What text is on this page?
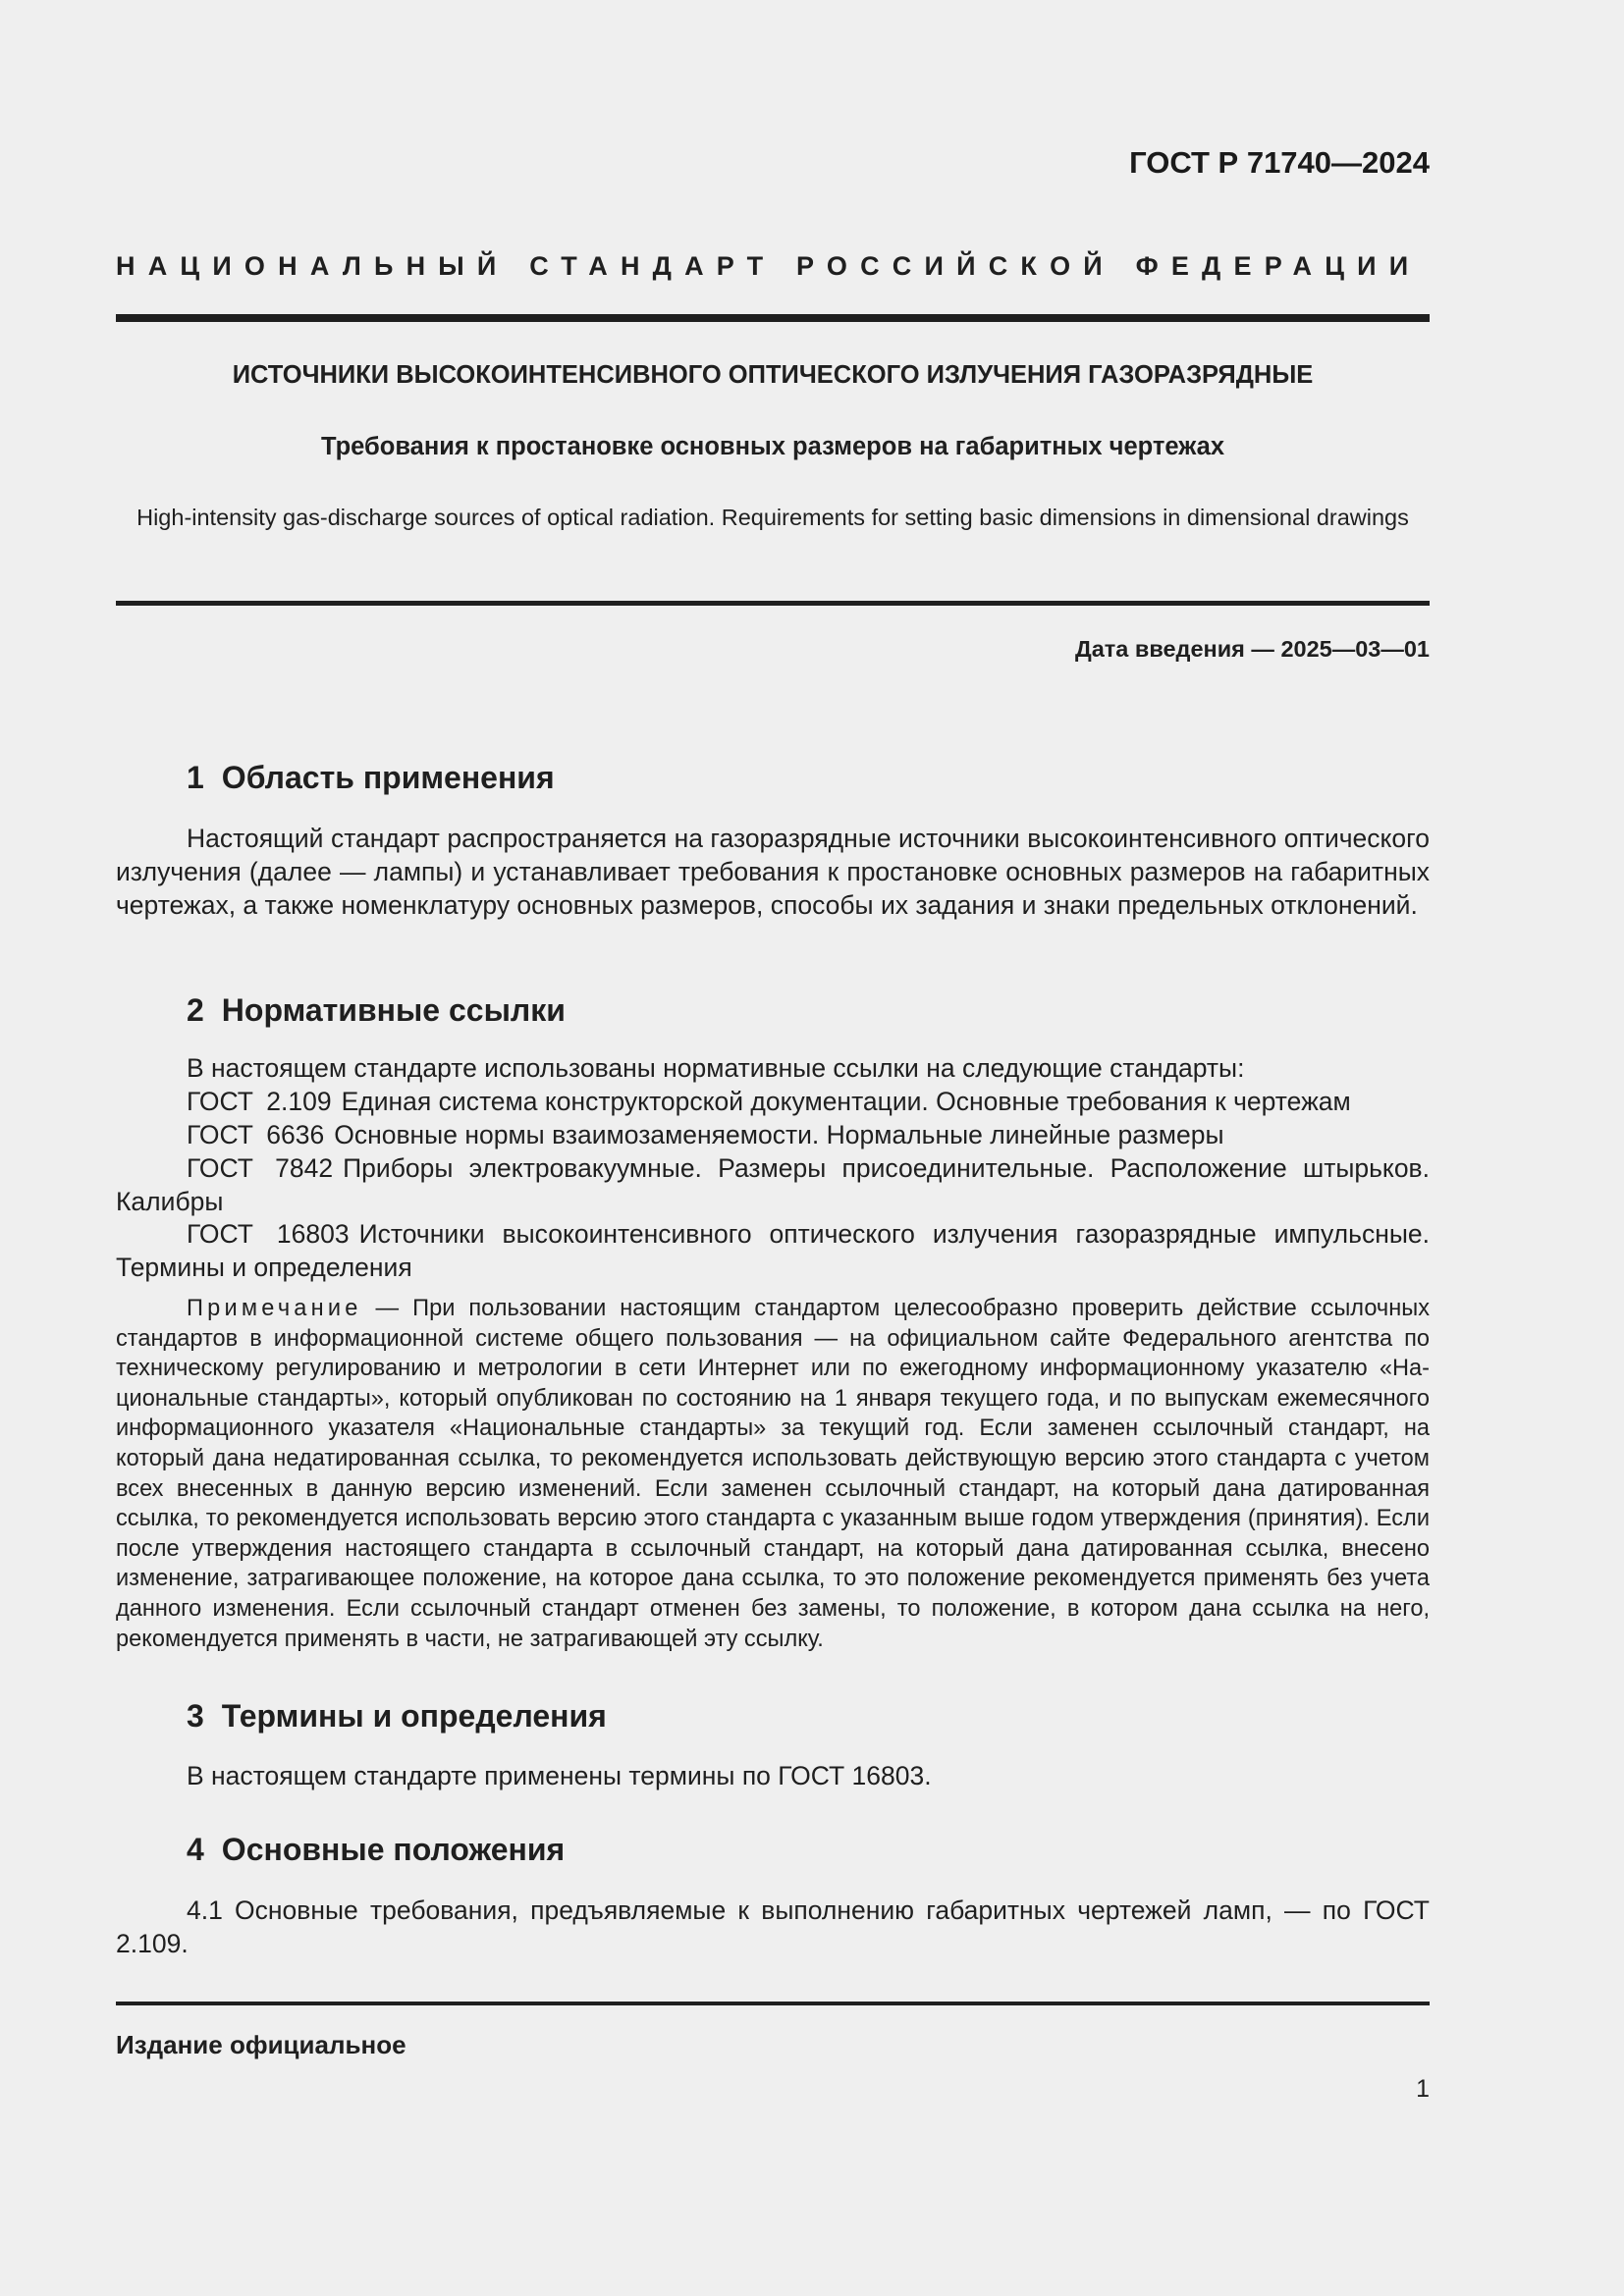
ГОСТ Р 71740—2024
НАЦИОНАЛЬНЫЙ СТАНДАРТ РОССИЙСКОЙ ФЕДЕРАЦИИ
ИСТОЧНИКИ ВЫСОКОИНТЕНСИВНОГО ОПТИЧЕСКОГО ИЗЛУЧЕНИЯ ГАЗОРАЗРЯДНЫЕ
Требования к простановке основных размеров на габаритных чертежах
High-intensity gas-discharge sources of optical radiation. Requirements for setting basic dimensions in dimensional drawings
Дата введения — 2025—03—01
1 Область применения
Настоящий стандарт распространяется на газоразрядные источники высокоинтенсивного оптического излучения (далее — лампы) и устанавливает требования к простановке основных размеров на габаритных чертежах, а также номенклатуру основных размеров, способы их задания и знаки предельных отклонений.
2 Нормативные ссылки
В настоящем стандарте использованы нормативные ссылки на следующие стандарты:
ГОСТ 2.109 Единая система конструкторской документации. Основные требования к чертежам
ГОСТ 6636 Основные нормы взаимозаменяемости. Нормальные линейные размеры
ГОСТ 7842 Приборы электровакуумные. Размеры присоединительные. Расположение штырьков. Калибры
ГОСТ 16803 Источники высокоинтенсивного оптического излучения газоразрядные импульсные. Термины и определения
Примечание — При пользовании настоящим стандартом целесообразно проверить действие ссылочных стандартов в информационной системе общего пользования — на официальном сайте Федерального агентства по техническому регулированию и метрологии в сети Интернет или по ежегодному информационному указателю «Национальные стандарты», который опубликован по состоянию на 1 января текущего года, и по выпускам ежемесячного информационного указателя «Национальные стандарты» за текущий год. Если заменен ссылочный стандарт, на который дана недатированная ссылка, то рекомендуется использовать действующую версию этого стандарта с учетом всех внесенных в данную версию изменений. Если заменен ссылочный стандарт, на который дана датированная ссылка, то рекомендуется использовать версию этого стандарта с указанным выше годом утверждения (принятия). Если после утверждения настоящего стандарта в ссылочный стандарт, на который дана датированная ссылка, внесено изменение, затрагивающее положение, на которое дана ссылка, то это положение рекомендуется применять без учета данного изменения. Если ссылочный стандарт отменен без замены, то положение, в котором дана ссылка на него, рекомендуется применять в части, не затрагивающей эту ссылку.
3 Термины и определения
В настоящем стандарте применены термины по ГОСТ 16803.
4 Основные положения
4.1 Основные требования, предъявляемые к выполнению габаритных чертежей ламп, — по ГОСТ 2.109.
Издание официальное
1
